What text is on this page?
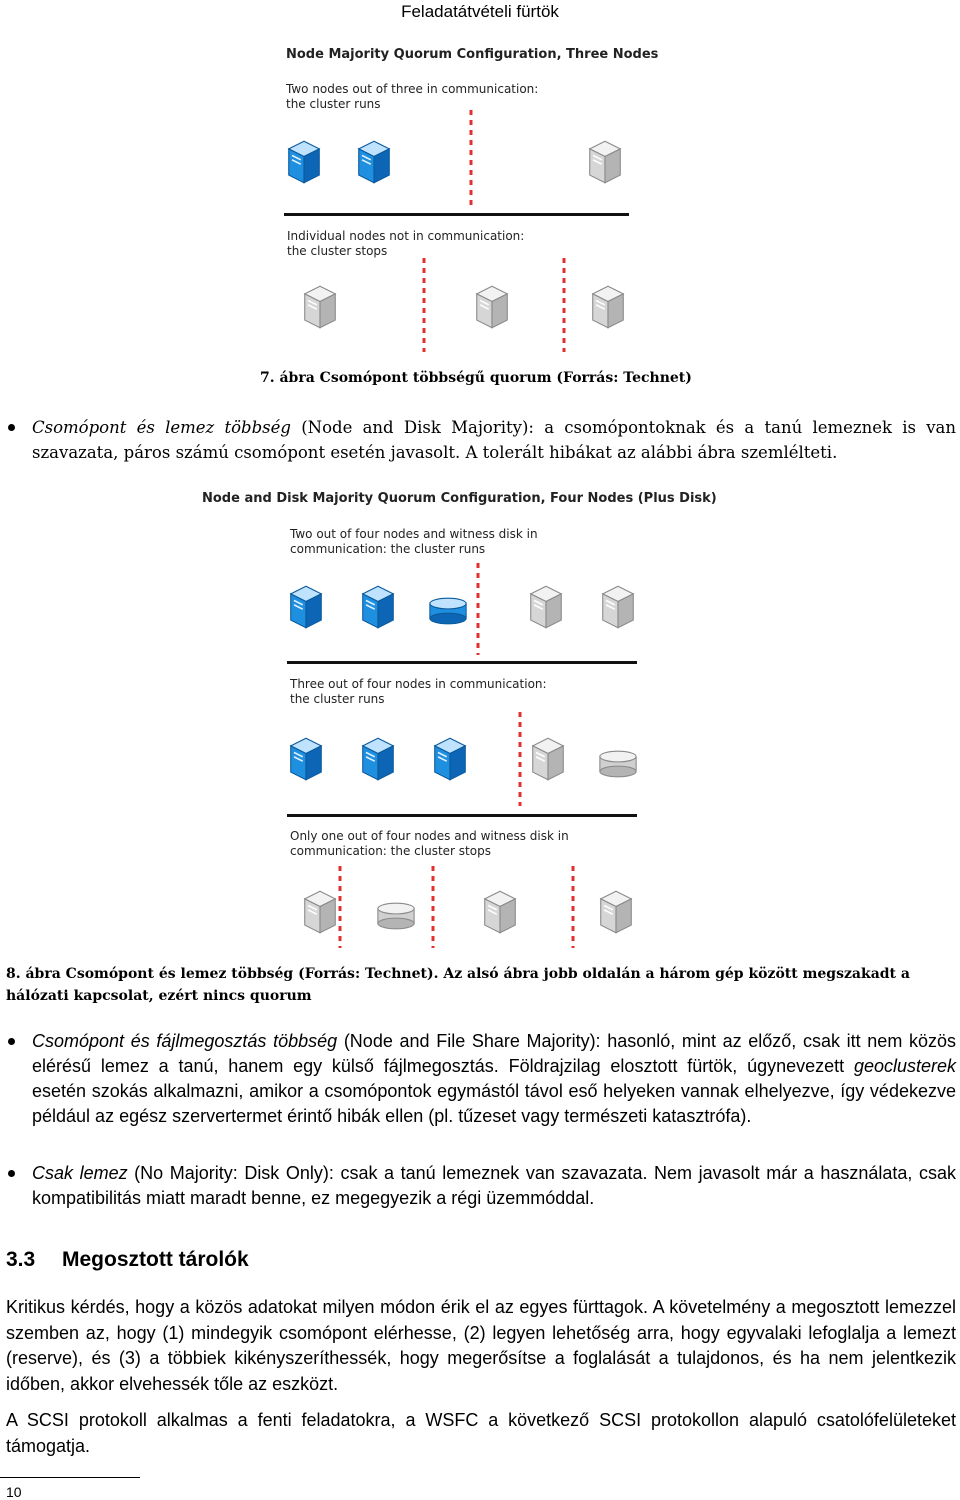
Feladatátvételi fürtök
Node Majority Quorum Configuration, Three Nodes
Two nodes out of three in communication:
the cluster runs
Individual nodes not in communication:
the cluster stops
7. ábra Csomópont többségű quorum (Forrás: Technet)
Csomópont és lemez többség (Node and Disk Majority): a csomópontoknak és a tanú lemeznek is van szavazata, páros számú csomópont esetén javasolt. A tolerált hibákat az alábbi ábra szemlélteti.
Node and Disk Majority Quorum Configuration, Four Nodes (Plus Disk)
Two out of four nodes and witness disk in
communication: the cluster runs
Three out of four nodes in communication:
the cluster runs
Only one out of four nodes and witness disk in
communication: the cluster stops
8. ábra Csomópont és lemez többség (Forrás: Technet). Az alsó ábra jobb oldalán a három gép között megszakadt a hálózati kapcsolat, ezért nincs quorum
Csomópont és fájlmegosztás többség (Node and File Share Majority): hasonló, mint az előző, csak itt nem közös elérésű lemez a tanú, hanem egy külső fájlmegosztás. Földrajzilag elosztott fürtök, úgynevezett geoclusterek esetén szokás alkalmazni, amikor a csomópontok egymástól távol eső helyeken vannak elhelyezve, így védekezve például az egész szervertermet érintő hibák ellen (pl. tűzeset vagy természeti katasztrófa).
Csak lemez (No Majority: Disk Only): csak a tanú lemeznek van szavazata. Nem javasolt már a használata, csak kompatibilitás miatt maradt benne, ez megegyezik a régi üzemmóddal.
3.3 Megosztott tárolók
Kritikus kérdés, hogy a közös adatokat milyen módon érik el az egyes fürttagok. A követelmény a megosztott lemezzel szemben az, hogy (1) mindegyik csomópont elérhesse, (2) legyen lehetőség arra, hogy egyvalaki lefoglalja a lemezt (reserve), és (3) a többiek kikényszeríthessék, hogy megerősítse a foglalását a tulajdonos, és ha nem jelentkezik időben, akkor elvehessék tőle az eszközt.
A SCSI protokoll alkalmas a fenti feladatokra, a WSFC a következő SCSI protokollon alapuló csatolófelületeket támogatja.
10
